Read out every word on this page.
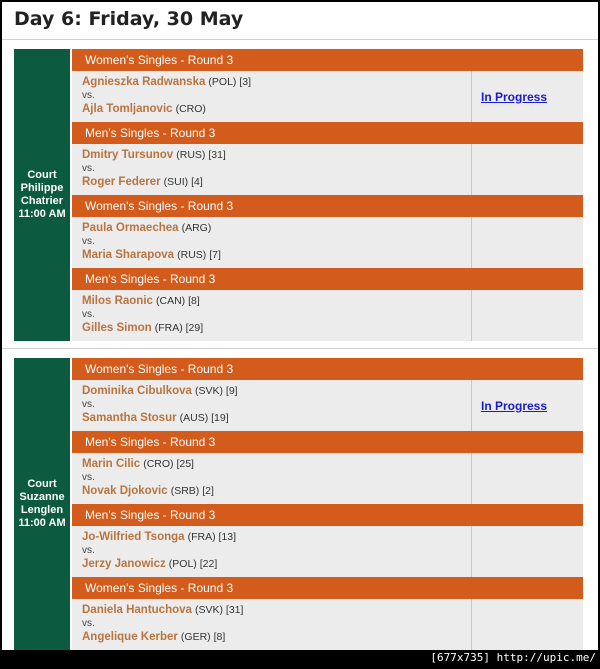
Day 6: Friday, 30 May
Court
Philippe
Chatrier
11:00 AM
Women's Singles - Round 3
Agnieszka Radwanska (POL) [3]
vs.
Ajla Tomljanovic (CRO)
In Progress
Men's Singles - Round 3
Dmitry Tursunov (RUS) [31]
vs.
Roger Federer (SUI) [4]
Women's Singles - Round 3
Paula Ormaechea (ARG)
vs.
Maria Sharapova (RUS) [7]
Men's Singles - Round 3
Milos Raonic (CAN) [8]
vs.
Gilles Simon (FRA) [29]
Court
Suzanne
Lenglen
11:00 AM
Women's Singles - Round 3
Dominika Cibulkova (SVK) [9]
vs.
Samantha Stosur (AUS) [19]
In Progress
Men's Singles - Round 3
Marin Cilic (CRO) [25]
vs.
Novak Djokovic (SRB) [2]
Men's Singles - Round 3
Jo-Wilfried Tsonga (FRA) [13]
vs.
Jerzy Janowicz (POL) [22]
Women's Singles - Round 3
Daniela Hantuchova (SVK) [31]
vs.
Angelique Kerber (GER) [8]
[677x735] http://upic.me/
